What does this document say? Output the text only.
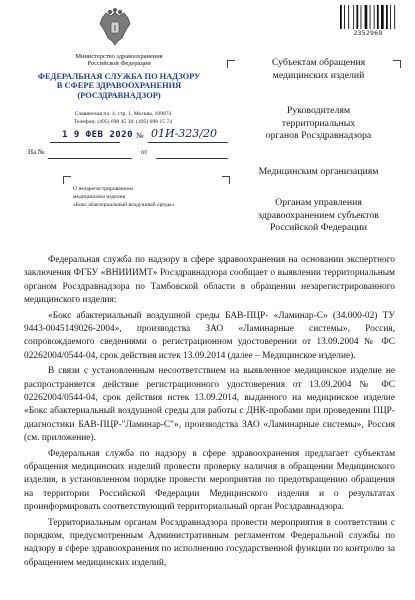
Министерство здравоохранения
Российской Федерации
ФЕДЕРАЛЬНАЯ СЛУЖБА ПО НАДЗОРУ
В СФЕРЕ ЗДРАВООХРАНЕНИЯ
(РОСЗДРАВНАДЗОР)
Славянская пл. 4, стр. 1, Москва, 109074
Телефон: (495) 698 45 38; (495) 698 15 74
1 9 ФЕВ 2020 № 01И-323/20
На №	от
О незарегистрированном
медицинском изделии
«Бокс абактериальный воздушный среды»
2352969
Субъектам обращения
медицинских изделий
Руководителям
территориальных
органов Росздравнадзора
Медицинским организациям
Органам управления
здравоохранением субъектов
Российской Федерации

Федеральная служба по надзору в сфере здравоохранения на основании экспертного заключения ФГБУ «ВНИИИМТ» Росздравнадзора сообщает о выявлении территориальным органом Росздравнадзора по Тамбовской области в обращении незарегистрированного медицинского изделия:

«Бокс абактериальный воздушной среды БАВ-ПЦР- «Ламинар-С» (34.000-02) ТУ 9443-0045149026-2004», производства ЗАО «Ламинарные системы», Россия, сопровождаемого сведениями о регистрационном удостоверении от 13.09.2004 № ФС 02262004/0544-04, срок действия истек 13.09.2014 (далее – Медицинское изделие).

В связи с установленным несоответствием на выявленное медицинское изделие не распространяется действие регистрационного удостоверения от 13.09.2004 № ФС 02262004/0544-04, срок действия истек 13.09.2014, выданного на медицинское изделие «Бокс абактериальный воздушной среды для работы с ДНК-пробами при проведении ПЦР-диагностики БАВ-ПЦР-"Ламинар-С"», производства ЗАО «Ламинарные системы», Россия (см. приложение).

Федеральная служба по надзору в сфере здравоохранения предлагает субъектам обращения медицинских изделий провести проверку наличия в обращении Медицинского изделия, в установленном порядке провести мероприятия по предотвращению обращения на территории Российской Федерации Медицинского изделия и о результатах проинформировать соответствующий территориальный орган Росздравнадзора.

Территориальным органам Росздравнадзора провести мероприятия в соответствии с порядком, предусмотренным Административным регламентом Федеральной службы по надзору в сфере здравоохранения по исполнению государственной функции по контролю за обращением медицинских изделий,
